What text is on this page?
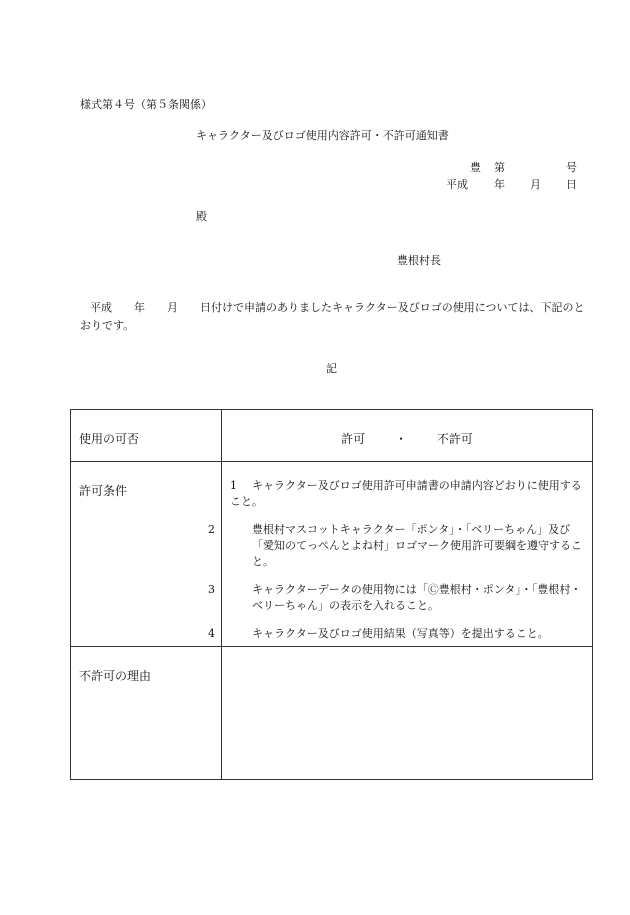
様式第４号（第５条関係）
キャラクター及びロゴ使用内容許可・不許可通知書
豊 第	号
平成 年 月 日
殿
豊根村長
平成　　年　　月　　日付けで申請のありましたキャラクター及びロゴの使用については、下記のとおりです。
記
使用の可否	許可 ・ 不許可

許可条件	1 キャラクター及びロゴ使用許可申請書の申請内容どおりに使用すること。
2 豊根村マスコットキャラクター「ポンタ」・「ベリーちゃん」及び「愛知のてっぺんとよね村」ロゴマーク使用許可要綱を遵守すること。
3 キャラクターデータの使用物には「Ⓒ豊根村・ポンタ」・「豊根村・ベリーちゃん」の表示を入れること。
4 キャラクター及びロゴ使用結果（写真等）を提出すること。

不許可の理由	
